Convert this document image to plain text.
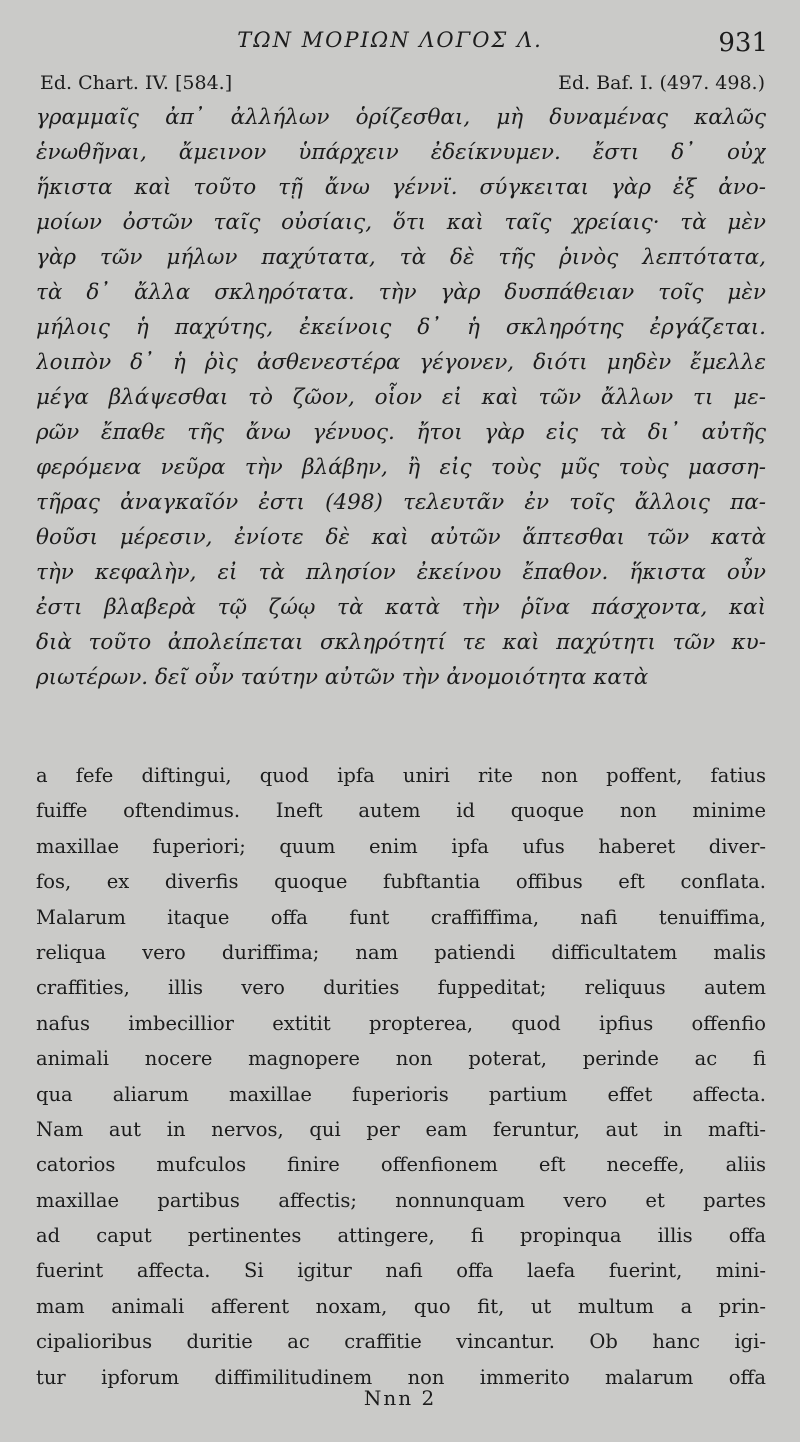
ΤΩΝ ΜΟΡΙΩΝ ΛΟΓΟΣ Λ.	931
Ed. Chart. IV. [584.]	Ed. Baf. I. (497. 498.)
γραμμαῖς ἀπ᾿ ἀλλήλων ὁρίζεσθαι, μὴ δυναμένας καλῶς
ἑνωθῆναι, ἄμεινον ὑπάρχειν ἐδείκνυμεν. ἔστι δ᾿ οὐχ
ἥκιστα καὶ τοῦτο τῇ ἄνω γέννϊ. σύγκειται γὰρ ἐξ ἀνο-
μοίων ὀστῶν ταῖς οὐσίαις, ὅτι καὶ ταῖς χρείαις· τὰ μὲν
γὰρ τῶν μήλων παχύτατα, τὰ δὲ τῆς ῥινὸς λεπτότατα,
τὰ δ᾿ ἄλλα σκληρότατα. τὴν γὰρ δυσπάθειαν τοῖς μὲν
μήλοις ἡ παχύτης, ἐκείνοις δ᾿ ἡ σκληρότης ἐργάζεται.
λοιπὸν δ᾿ ἡ ῥὶς ἀσθενεστέρα γέγονεν, διότι μηδὲν ἔμελλε
μέγα βλάψεσθαι τὸ ζῶον, οἷον εἰ καὶ τῶν ἄλλων τι με-
ρῶν ἔπαθε τῆς ἄνω γένυος. ἤτοι γὰρ εἰς τὰ δι᾿ αὐτῆς
φερόμενα νεῦρα τὴν βλάβην, ἢ εἰς τοὺς μῦς τοὺς μασση-
τῆρας ἀναγκαῖόν ἐστι (498) τελευτᾶν ἐν τοῖς ἄλλοις πα-
θοῦσι μέρεσιν, ἐνίοτε δὲ καὶ αὐτῶν ἅπτεσθαι τῶν κατὰ
τὴν κεφαλὴν, εἰ τὰ πλησίον ἐκείνου ἔπαθον. ἥκιστα οὖν
ἐστι βλαβερὰ τῷ ζώῳ τὰ κατὰ τὴν ῥῖνα πάσχοντα, καὶ
διὰ τοῦτο ἀπολείπεται σκληρότητί τε καὶ παχύτητι τῶν κυ-
ριωτέρων. δεῖ οὖν ταύτην αὐτῶν τὴν ἀνομοιότητα κατὰ
a fefe diftingui, quod ipfa uniri rite non poffent, fatius
fuiffe oftendimus. Ineft autem id quoque non minime
maxillae fuperiori; quum enim ipfa ufus haberet diver-
fos, ex diverfis quoque fubftantia offibus eft conflata.
Malarum itaque offa funt craffiffima, nafi tenuiffima,
reliqua vero duriffima; nam patiendi difficultatem malis
craffities, illis vero durities fuppeditat; reliquus autem
nafus imbecillior extitit propterea, quod ipfius offenfio
animali nocere magnopere non poterat, perinde ac fi
qua aliarum maxillae fuperioris partium effet affecta.
Nam aut in nervos, qui per eam feruntur, aut in mafti-
catorios mufculos finire offenfionem eft neceffe, aliis
maxillae partibus affectis; nonnunquam vero et partes
ad caput pertinentes attingere, fi propinqua illis offa
fuerint affecta. Si igitur nafi offa laefa fuerint, mini-
mam animali afferent noxam, quo fit, ut multum a prin-
cipalioribus duritie ac craffitie vincantur. Ob hanc igi-
tur ipforum diffimilitudinem non immerito malarum offa
Nnn 2
